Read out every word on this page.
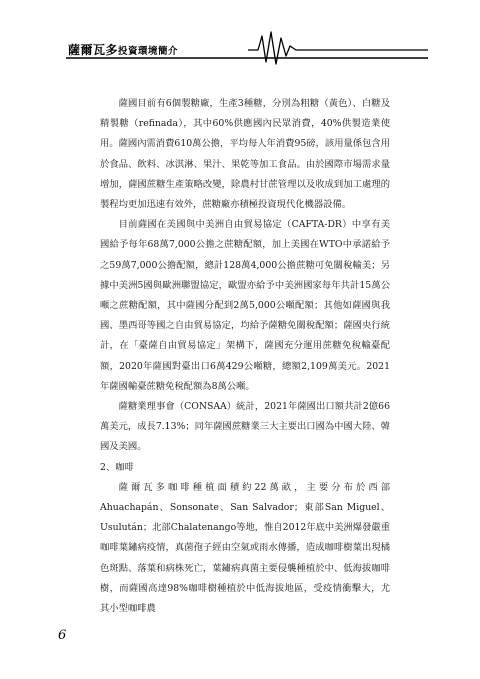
薩爾瓦多投資環境簡介

薩國目前有6個製糖廠，生產3種糖，分別為粗糖（黃色）、白糖及精製糖（refinada），其中60%供應國內民眾消費，40%供製造業使用。薩國內需消費610萬公擔，平均每人年消費95磅，該用量係包含用於食品、飲料、冰淇淋、果汁、果乾等加工食品。由於國際市場需求量增加，薩國蔗糖生產策略改變，除農村甘蔗管理以及收成到加工處理的製程均更加迅速有效外，蔗糖廠亦積極投資現代化機器設備。

目前薩國在美國與中美洲自由貿易協定（CAFTA-DR）中享有美國給予每年68萬7,000公擔之蔗糖配額，加上美國在WTO中承諾給予之59萬7,000公擔配額，總計128萬4,000公擔蔗糖可免關稅輸美；另據中美洲5國與歐洲聯盟協定，歐盟亦給予中美洲國家每年共計15萬公噸之蔗糖配額，其中薩國分配到2萬5,000公噸配額；其他如薩國與我國、墨西哥等國之自由貿易協定，均給予薩糖免關稅配額；薩國央行統計，在「臺薩自由貿易協定」架構下，薩國充分運用蔗糖免稅輸臺配額，2020年薩國對臺出口6萬429公噸糖，總額2,109萬美元。2021年薩國輸臺蔗糖免稅配額為8萬公噸。

薩糖業理事會（CONSAA）統計，2021年薩國出口額共計2億66萬美元，成長7.13%；同年薩國蔗糖業三大主要出口國為中國大陸、韓國及美國。

2、咖啡

薩爾瓦多咖啡種植面積約22萬畝，主要分布於西部Ahuachapán、Sonsonate、San Salvador；東部San Miguel、Usulután；北部Chalatenango等地，惟自2012年底中美洲爆發嚴重咖啡葉鏽病疫情，真菌孢子經由空氣或雨水傳播，造成咖啡樹葉出現橘色斑點、落葉和病株死亡，葉鏽病真菌主要侵襲種植於中、低海拔咖啡樹，而薩國高達98%咖啡樹種植於中低海拔地區，受疫情衝擊大，尤其小型咖啡農

6
